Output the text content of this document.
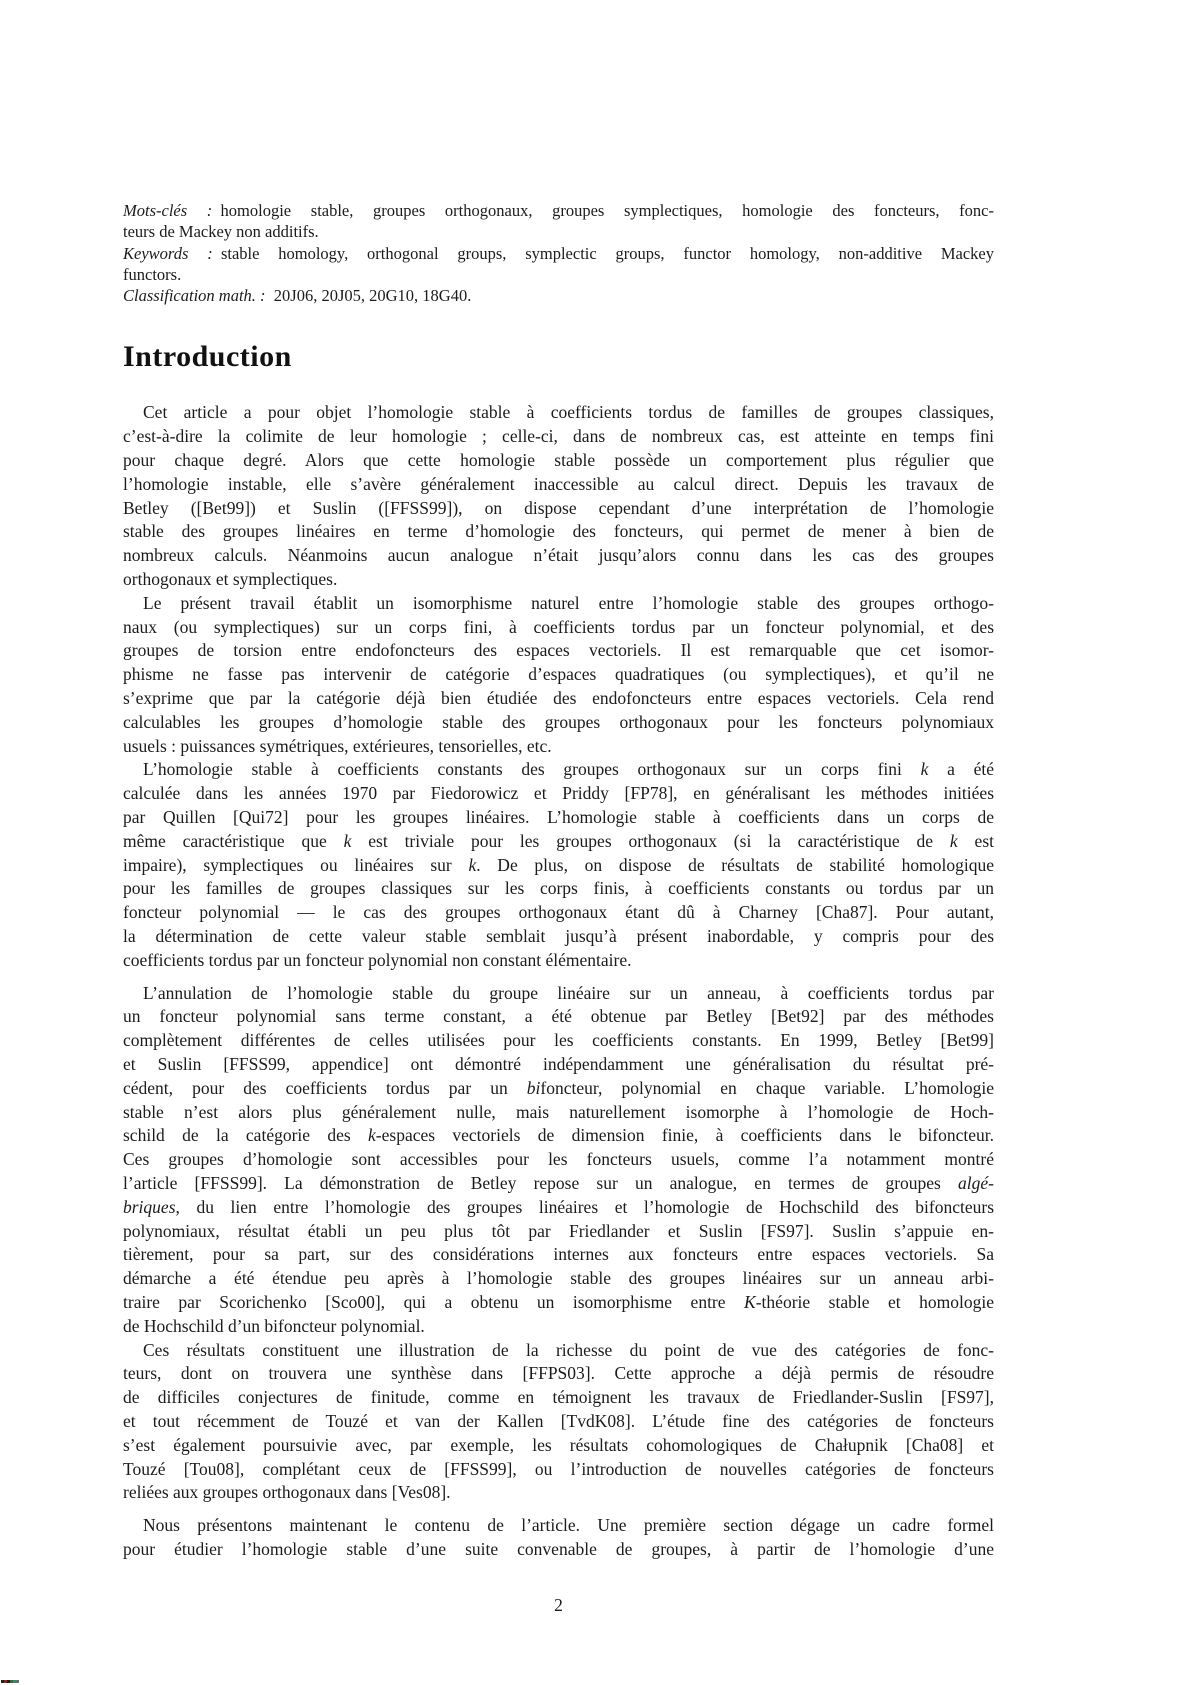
Mots-clés : homologie stable, groupes orthogonaux, groupes symplectiques, homologie des foncteurs, fonc-
teurs de Mackey non additifs.
Keywords : stable homology, orthogonal groups, symplectic groups, functor homology, non-additive Mackey
functors.
Classification math. : 20J06, 20J05, 20G10, 18G40.
Introduction
Cet article a pour objet l’homologie stable à coefficients tordus de familles de groupes classiques,
c’est-à-dire la colimite de leur homologie ; celle-ci, dans de nombreux cas, est atteinte en temps fini
pour chaque degré. Alors que cette homologie stable possède un comportement plus régulier que
l’homologie instable, elle s’avère généralement inaccessible au calcul direct. Depuis les travaux de
Betley ([Bet99]) et Suslin ([FFSS99]), on dispose cependant d’une interprétation de l’homologie
stable des groupes linéaires en terme d’homologie des foncteurs, qui permet de mener à bien de
nombreux calculs. Néanmoins aucun analogue n’était jusqu’alors connu dans les cas des groupes
orthogonaux et symplectiques.
Le présent travail établit un isomorphisme naturel entre l’homologie stable des groupes orthogo-
naux (ou symplectiques) sur un corps fini, à coefficients tordus par un foncteur polynomial, et des
groupes de torsion entre endofoncteurs des espaces vectoriels. Il est remarquable que cet isomor-
phisme ne fasse pas intervenir de catégorie d’espaces quadratiques (ou symplectiques), et qu’il ne
s’exprime que par la catégorie déjà bien étudiée des endofoncteurs entre espaces vectoriels. Cela rend
calculables les groupes d’homologie stable des groupes orthogonaux pour les foncteurs polynomiaux
usuels : puissances symétriques, extérieures, tensorielles, etc.
L’homologie stable à coefficients constants des groupes orthogonaux sur un corps fini k a été
calculée dans les années 1970 par Fiedorowicz et Priddy [FP78], en généralisant les méthodes initiées
par Quillen [Qui72] pour les groupes linéaires. L’homologie stable à coefficients dans un corps de
même caractéristique que k est triviale pour les groupes orthogonaux (si la caractéristique de k est
impaire), symplectiques ou linéaires sur k. De plus, on dispose de résultats de stabilité homologique
pour les familles de groupes classiques sur les corps finis, à coefficients constants ou tordus par un
foncteur polynomial — le cas des groupes orthogonaux étant dû à Charney [Cha87]. Pour autant,
la détermination de cette valeur stable semblait jusqu’à présent inabordable, y compris pour des
coefficients tordus par un foncteur polynomial non constant élémentaire.
L’annulation de l’homologie stable du groupe linéaire sur un anneau, à coefficients tordus par
un foncteur polynomial sans terme constant, a été obtenue par Betley [Bet92] par des méthodes
complètement différentes de celles utilisées pour les coefficients constants. En 1999, Betley [Bet99]
et Suslin [FFSS99, appendice] ont démontré indépendamment une généralisation du résultat pré-
cédent, pour des coefficients tordus par un bifoncteur, polynomial en chaque variable. L’homologie
stable n’est alors plus généralement nulle, mais naturellement isomorphe à l’homologie de Hoch-
schild de la catégorie des k-espaces vectoriels de dimension finie, à coefficients dans le bifoncteur.
Ces groupes d’homologie sont accessibles pour les foncteurs usuels, comme l’a notamment montré
l’article [FFSS99]. La démonstration de Betley repose sur un analogue, en termes de groupes algé-
briques, du lien entre l’homologie des groupes linéaires et l’homologie de Hochschild des bifoncteurs
polynomiaux, résultat établi un peu plus tôt par Friedlander et Suslin [FS97]. Suslin s’appuie en-
tièrement, pour sa part, sur des considérations internes aux foncteurs entre espaces vectoriels. Sa
démarche a été étendue peu après à l’homologie stable des groupes linéaires sur un anneau arbi-
traire par Scorichenko [Sco00], qui a obtenu un isomorphisme entre K-théorie stable et homologie
de Hochschild d’un bifoncteur polynomial.
Ces résultats constituent une illustration de la richesse du point de vue des catégories de fonc-
teurs, dont on trouvera une synthèse dans [FFPS03]. Cette approche a déjà permis de résoudre
de difficiles conjectures de finitude, comme en témoignent les travaux de Friedlander-Suslin [FS97],
et tout récemment de Touzé et van der Kallen [TvdK08]. L’étude fine des catégories de foncteurs
s’est également poursuivie avec, par exemple, les résultats cohomologiques de Chałupnik [Cha08] et
Touzé [Tou08], complétant ceux de [FFSS99], ou l’introduction de nouvelles catégories de foncteurs
reliées aux groupes orthogonaux dans [Ves08].
Nous présentons maintenant le contenu de l’article. Une première section dégage un cadre formel
pour étudier l’homologie stable d’une suite convenable de groupes, à partir de l’homologie d’une
2
